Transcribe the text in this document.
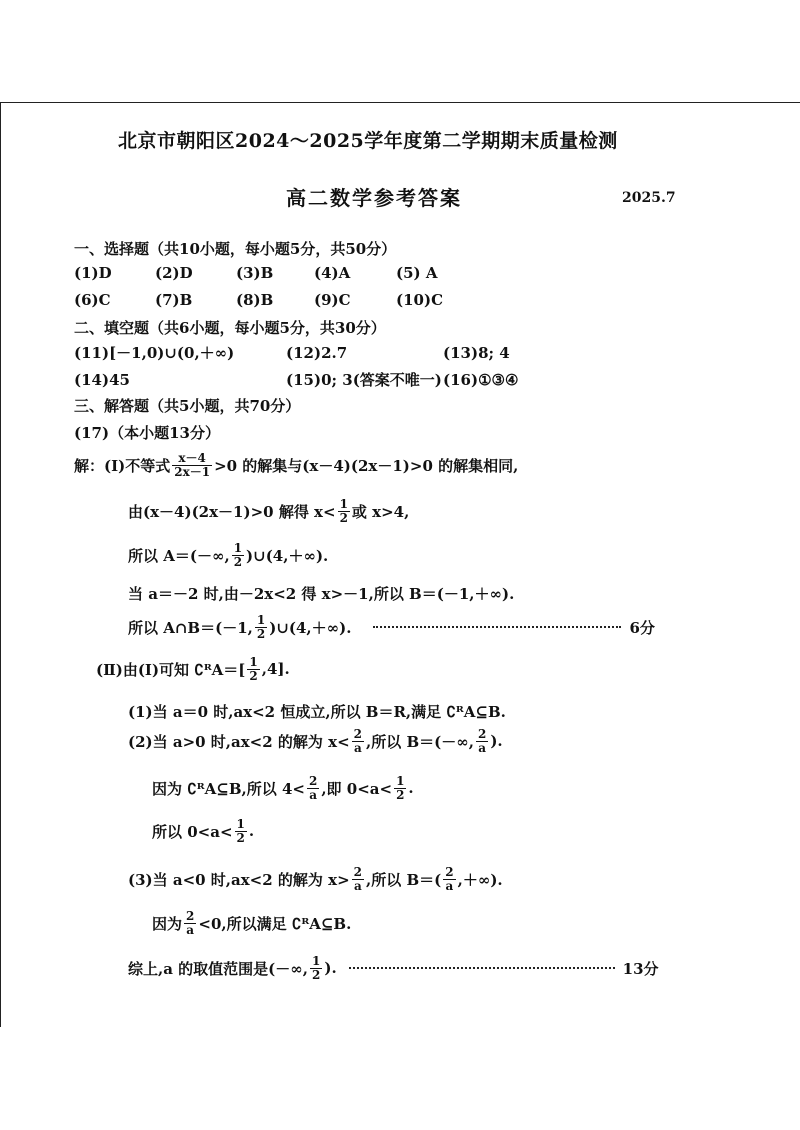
北京市朝阳区2024～2025学年度第二学期期末质量检测
高二数学参考答案	2025.7
一、选择题（共10小题，每小题5分，共50分）
(1)D	(2)D	(3)B	(4)A	(5) A
(6)C	(7)B	(8)B	(9)C	(10)C
二、填空题（共6小题，每小题5分，共30分）
(11)[－1,0)∪(0,＋∞)	(12)2.7	(13)8; 4
(14)45	(15)0; 3(答案不唯一) (16)①③④
三、解答题（共5小题，共70分）
(17)（本小题13分）
解：(Ⅰ)不等式 $\frac{x-4}{2x-1} >0$ 的解集与(x－4)(2x－1)>0 的解集相同,
由(x－4)(2x－1)>0 解得 $x< \frac{1}{2}$ 或 x>4,
所以 A＝(－∞, $\frac{1}{2}$ )∪(4,＋∞).
当 a＝－2 时,由－2x<2 得 x>－1,所以 B＝(－1,＋∞).
所以 A∩B＝(－1, $\frac{1}{2}$ )∪(4,＋∞).	6分
(Ⅱ)由(Ⅰ)可知 ∁ᴿA＝[ $\frac{1}{2} ,4$].
(1)当 a＝0 时,ax<2 恒成立,所以 B＝R,满足 ∁ᴿA⊆B.
(2)当 a>0 时,ax<2 的解为 $x< \frac{2}{a}$ ,所以 B＝(－∞, $\frac{2}{a}$ ).
因为 ∁ᴿA⊆B,所以 $4< \frac{2}{a}$ ,即 $0<a< \frac{1}{2}$ .
所以 $0<a< \frac{1}{2}$ .
(3)当 a<0 时,ax<2 的解为 $x> \frac{2}{a}$ ,所以 $B=( \frac{2}{a}$ ,＋∞).
因为 $\frac{2}{a} <0$,所以满足 ∁ᴿA⊆B.
综上,a 的取值范围是(－∞, $\frac{1}{2}$ ).	13分
